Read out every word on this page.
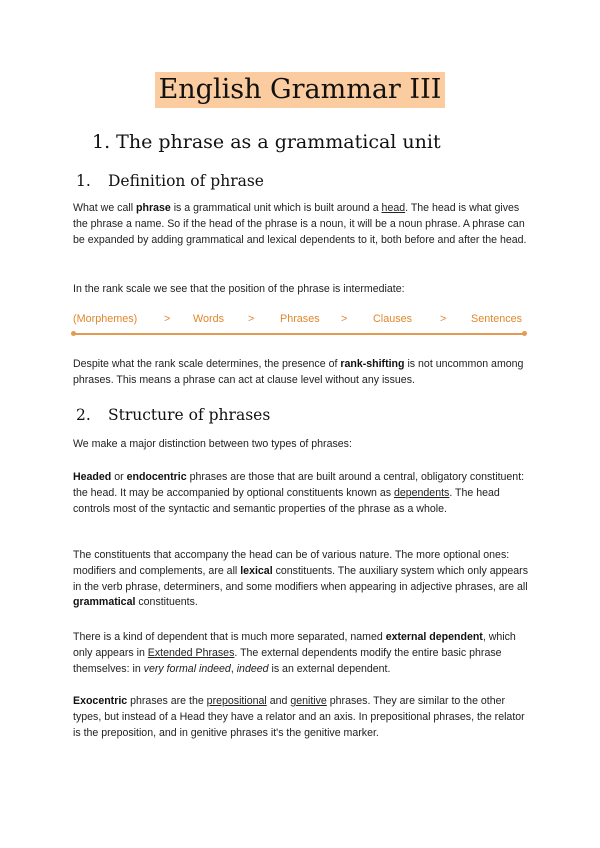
English Grammar III
1. The phrase as a grammatical unit
1. Definition of phrase
What we call phrase is a grammatical unit which is built around a head. The head is what gives the phrase a name. So if the head of the phrase is a noun, it will be a noun phrase. A phrase can be expanded by adding grammatical and lexical dependents to it, both before and after the head.
In the rank scale we see that the position of the phrase is intermediate:
(Morphemes) > Words > Phrases > Clauses	> Sentences
Despite what the rank scale determines, the presence of rank-shifting is not uncommon among phrases. This means a phrase can act at clause level without any issues.
2. Structure of phrases
We make a major distinction between two types of phrases:
Headed or endocentric phrases are those that are built around a central, obligatory constituent: the head. It may be accompanied by optional constituents known as dependents. The head controls most of the syntactic and semantic properties of the phrase as a whole.
The constituents that accompany the head can be of various nature. The more optional ones: modifiers and complements, are all lexical constituents. The auxiliary system which only appears in the verb phrase, determiners, and some modifiers when appearing in adjective phrases, are all grammatical constituents.
There is a kind of dependent that is much more separated, named external dependent, which only appears in Extended Phrases. The external dependents modify the entire basic phrase themselves: in very formal indeed, indeed is an external dependent.
Exocentric phrases are the prepositional and genitive phrases. They are similar to the other types, but instead of a Head they have a relator and an axis. In prepositional phrases, the relator is the preposition, and in genitive phrases it's the genitive marker.
